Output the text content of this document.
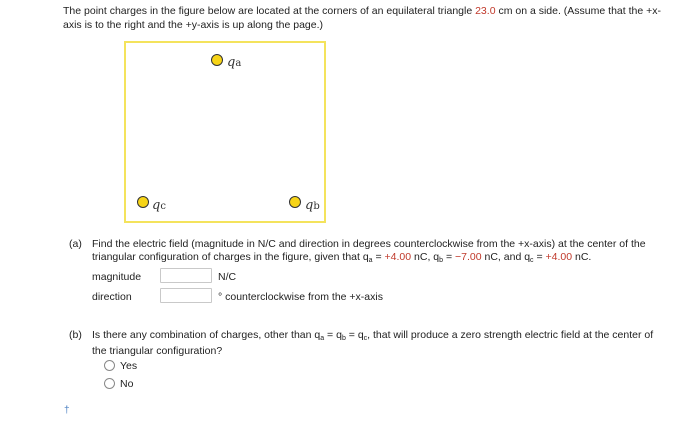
The point charges in the figure below are located at the corners of an equilateral triangle 23.0 cm on a side. (Assume that the +x-
axis is to the right and the +y-axis is up along the page.)
qa
qc	qb
(a) Find the electric field (magnitude in N/C and direction in degrees counterclockwise from the +x-axis) at the center of the
triangular configuration of charges in the figure, given that $q_a = +4.00$ nC, $q_b = -7.00$ nC, and $q_c = +4.00$ nC.
magnitude	N/C
direction	° counterclockwise from the +x-axis
(b) Is there any combination of charges, other than $q_a = q_b = q_c$, that will produce a zero strength electric field at the center of
the triangular configuration?
Yes
No
†
